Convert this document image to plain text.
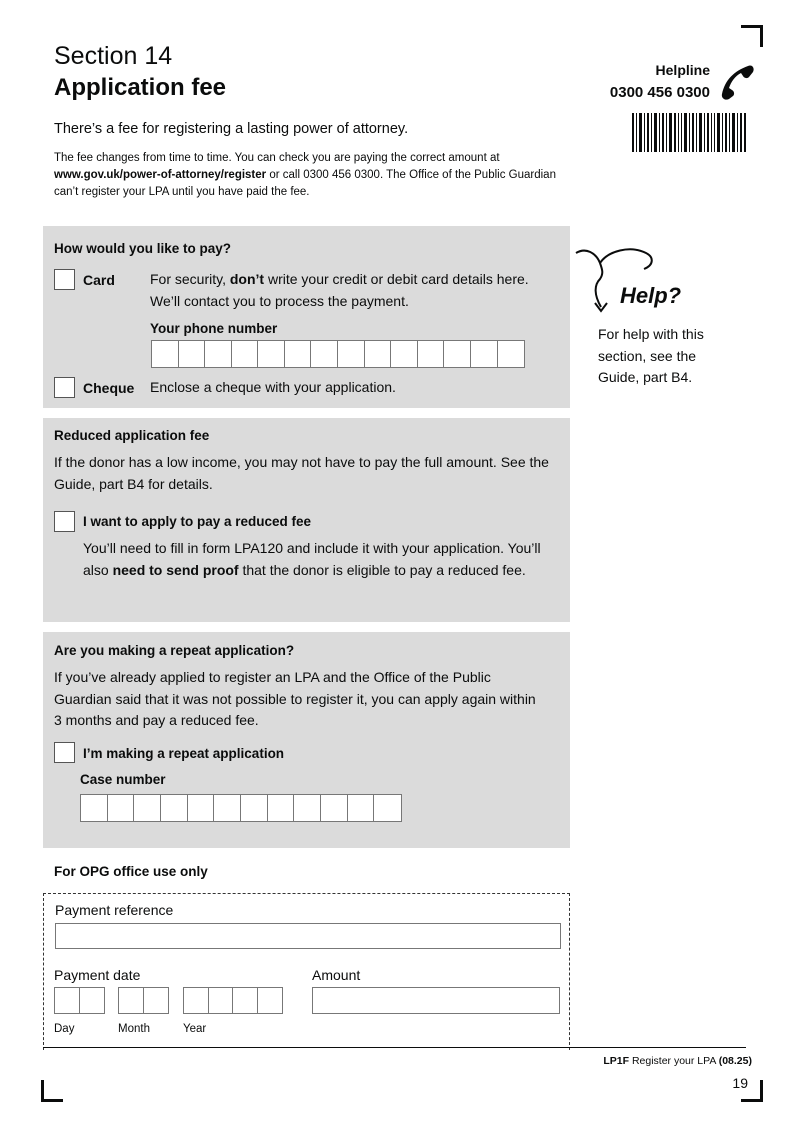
Section 14
Application fee
Helpline
0300 456 0300
There’s a fee for registering a lasting power of attorney.
The fee changes from time to time. You can check you are paying the correct amount at www.gov.uk/power-of-attorney/register or call 0300 456 0300. The Office of the Public Guardian can’t register your LPA until you have paid the fee.
How would you like to pay?
Card	For security, don’t write your credit or debit card details here.
We’ll contact you to process the payment.
Your phone number
Cheque Enclose a cheque with your application.
Reduced application fee
If the donor has a low income, you may not have to pay the full amount. See the Guide, part B4 for details.
I want to apply to pay a reduced fee
You’ll need to fill in form LPA120 and include it with your application. You’ll also need to send proof that the donor is eligible to pay a reduced fee.
Are you making a repeat application?
If you’ve already applied to register an LPA and the Office of the Public Guardian said that it was not possible to register it, you can apply again within 3 months and pay a reduced fee.
I’m making a repeat application
Case number
Help?
For help with this section, see the Guide, part B4.
For OPG office use only
Payment reference
Payment date	Amount
Day	Month	Year
LP1F Register your LPA (08.25)
19
